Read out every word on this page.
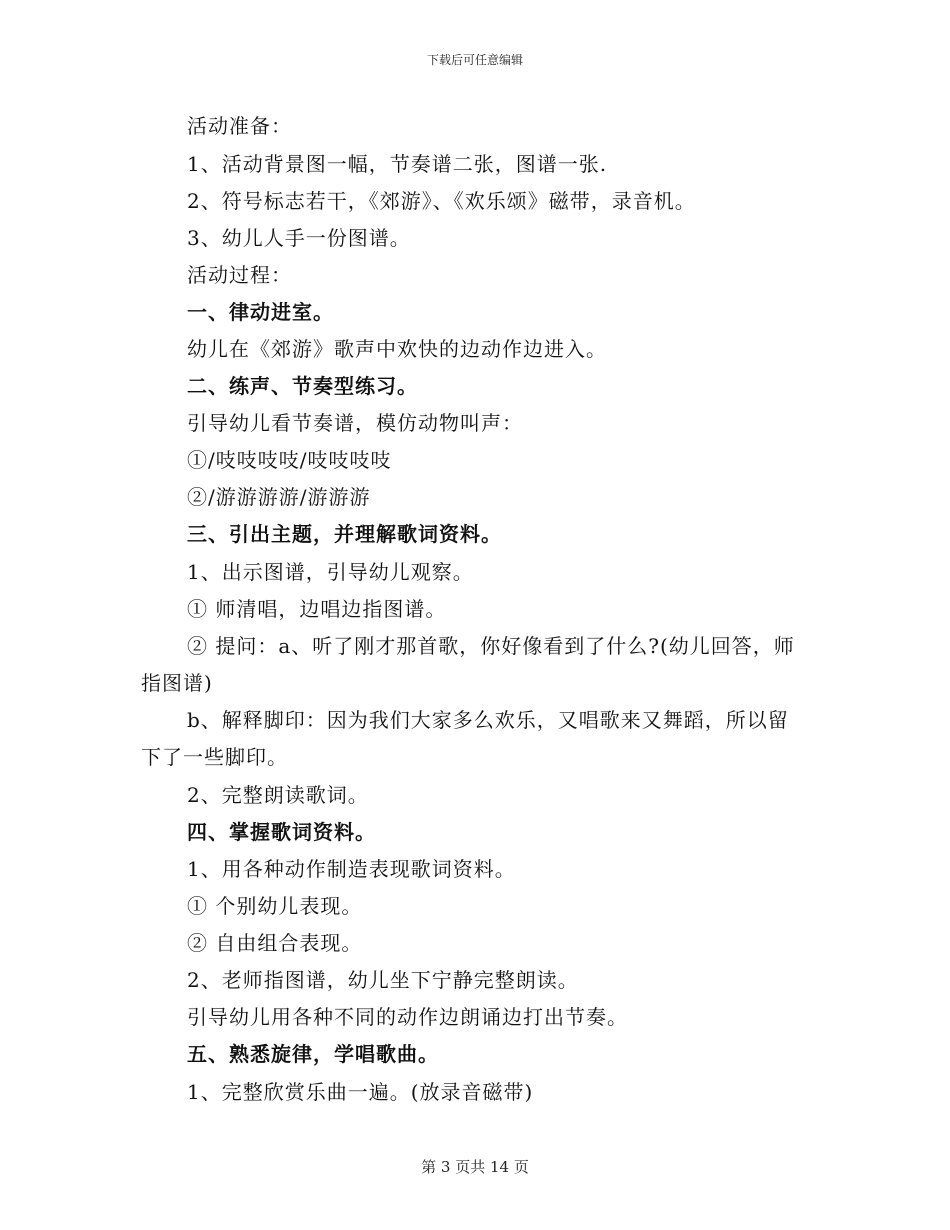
下载后可任意编辑
活动准备：
1、活动背景图一幅，节奏谱二张，图谱一张.
2、符号标志若干，《郊游》、《欢乐颂》磁带，录音机。
3、幼儿人手一份图谱。
活动过程：
一、律动进室。
幼儿在《郊游》歌声中欢快的边动作边进入。
二、练声、节奏型练习。
引导幼儿看节奏谱，模仿动物叫声：
①/吱吱吱吱/吱吱吱吱
②/游游游游/游游游
三、引出主题，并理解歌词资料。
1、出示图谱，引导幼儿观察。
① 师清唱，边唱边指图谱。
② 提问：a、听了刚才那首歌，你好像看到了什么?(幼儿回答，师
指图谱)
b、解释脚印：因为我们大家多么欢乐，又唱歌来又舞蹈，所以留
下了一些脚印。
2、完整朗读歌词。
四、掌握歌词资料。
1、用各种动作制造表现歌词资料。
① 个别幼儿表现。
② 自由组合表现。
2、老师指图谱，幼儿坐下宁静完整朗读。
引导幼儿用各种不同的动作边朗诵边打出节奏。
五、熟悉旋律，学唱歌曲。
1、完整欣赏乐曲一遍。(放录音磁带)
第 3 页共 14 页
